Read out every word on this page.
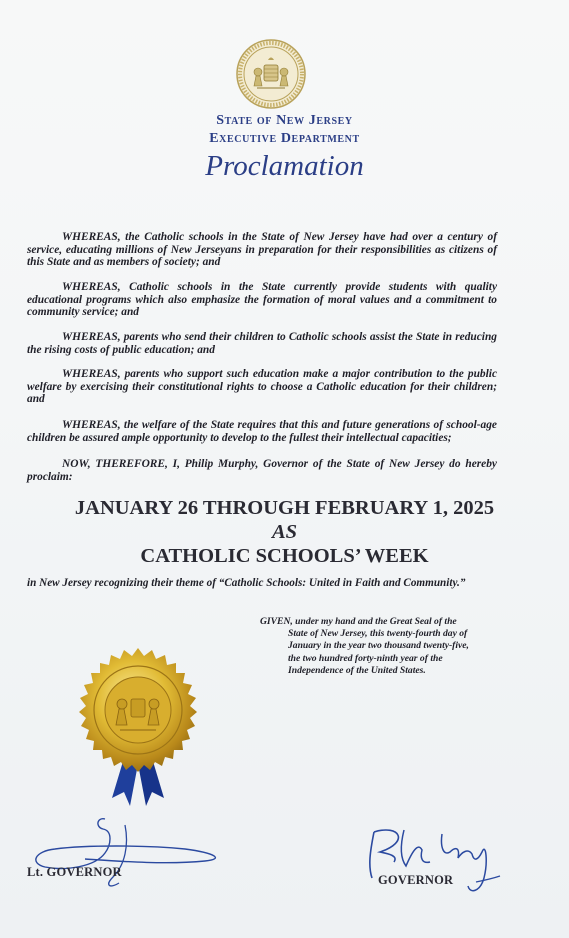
State of New Jersey
Executive Department
Proclamation
WHEREAS, the Catholic schools in the State of New Jersey have had over a century of service, educating millions of New Jerseyans in preparation for their responsibilities as citizens of this State and as members of society; and
WHEREAS, Catholic schools in the State currently provide students with quality educational programs which also emphasize the formation of moral values and a commitment to community service; and
WHEREAS, parents who send their children to Catholic schools assist the State in reducing the rising costs of public education; and
WHEREAS, parents who support such education make a major contribution to the public welfare by exercising their constitutional rights to choose a Catholic education for their children; and
WHEREAS, the welfare of the State requires that this and future generations of school-age children be assured ample opportunity to develop to the fullest their intellectual capacities;
NOW, THEREFORE, I, Philip Murphy, Governor of the State of New Jersey do hereby proclaim:
JANUARY 26 THROUGH FEBRUARY 1, 2025
AS
CATHOLIC SCHOOLS’ WEEK
in New Jersey recognizing their theme of “Catholic Schools: United in Faith and Community.”
GIVEN, under my hand and the Great Seal of the
State of New Jersey, this twenty-fourth day of
January in the year two thousand twenty-five,
the two hundred forty-ninth year of the
Independence of the United States.
Lt. GOVERNOR
GOVERNOR
